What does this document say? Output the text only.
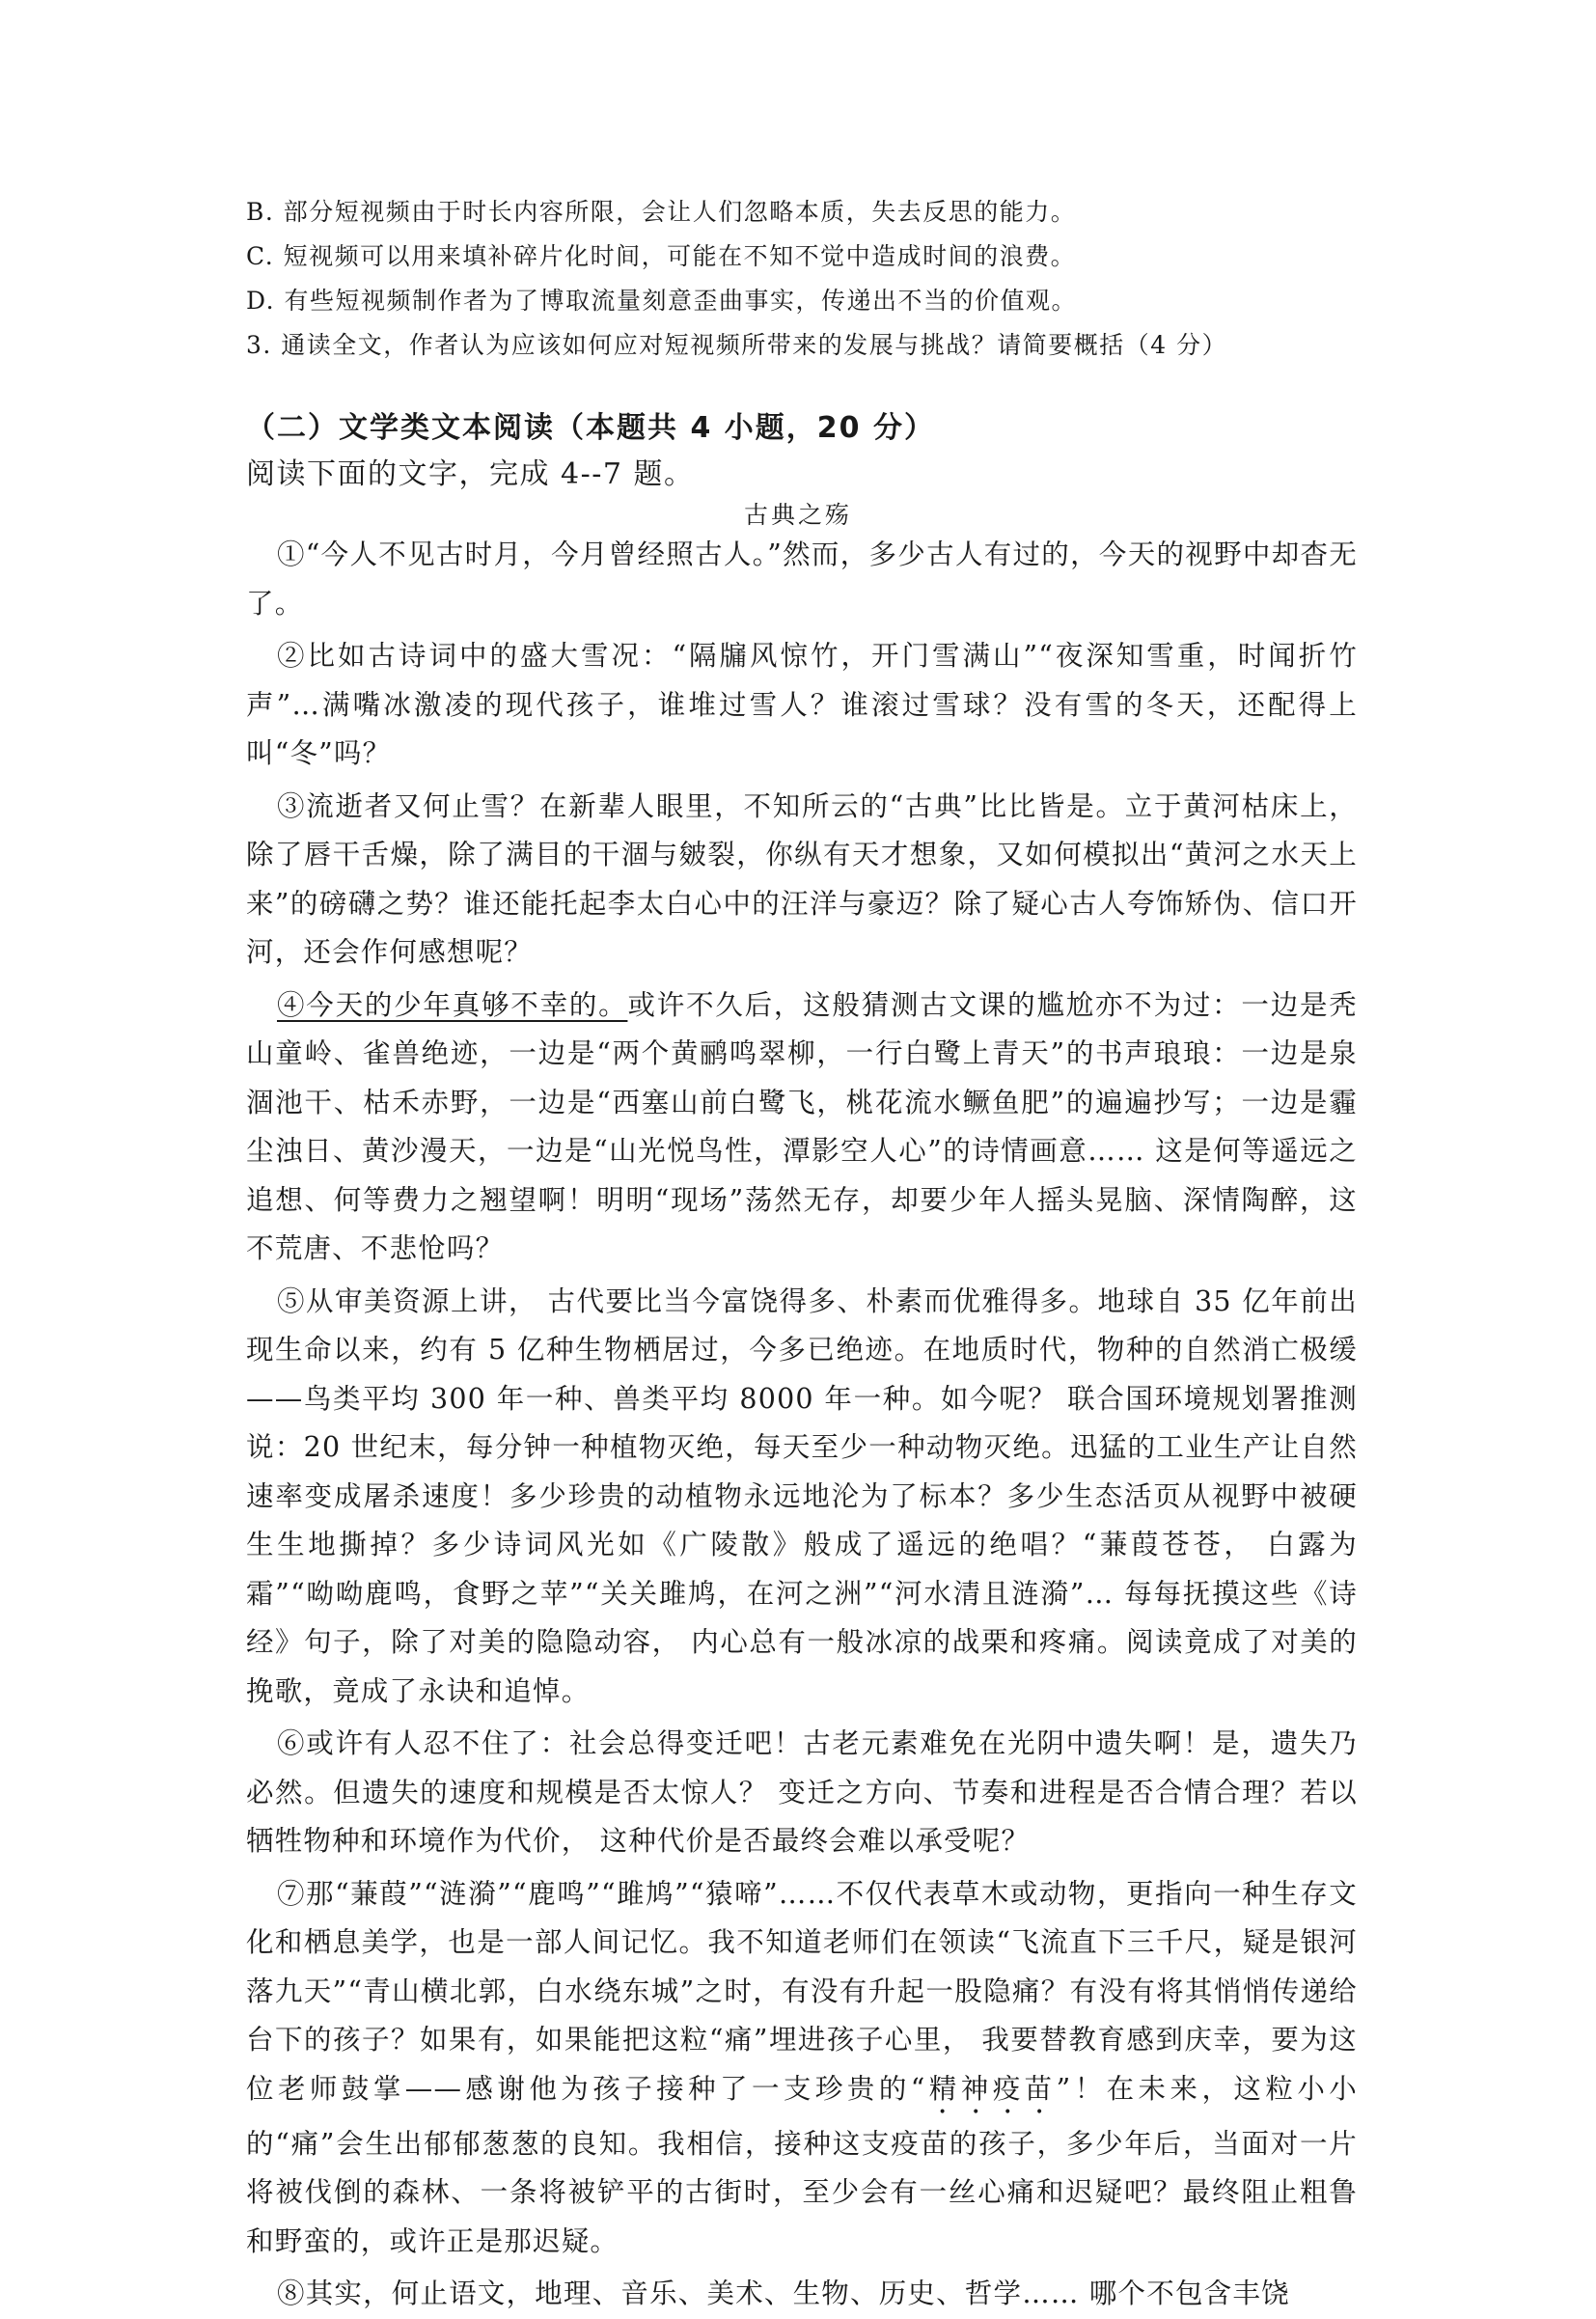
B. 部分短视频由于时长内容所限，会让人们忽略本质，失去反思的能力。
C. 短视频可以用来填补碎片化时间，可能在不知不觉中造成时间的浪费。
D. 有些短视频制作者为了博取流量刻意歪曲事实，传递出不当的价值观。
3. 通读全文，作者认为应该如何应对短视频所带来的发展与挑战？请简要概括（4 分）
（二）文学类文本阅读（本题共 4 小题，20 分）
阅读下面的文字，完成 4--7 题。
古典之殇

①“今人不见古时月，今月曾经照古人。”然而，多少古人有过的，今天的视野中却杳无了。

②比如古诗词中的盛大雪况：“隔牖风惊竹，开门雪满山”“夜深知雪重，时闻折竹声”…满嘴冰激凌的现代孩子，谁堆过雪人？谁滚过雪球？没有雪的冬天，还配得上叫“冬”吗？

③流逝者又何止雪？在新辈人眼里，不知所云的“古典”比比皆是。立于黄河枯床上，除了唇干舌燥，除了满目的干涸与皴裂，你纵有天才想象，又如何模拟出“黄河之水天上来”的磅礴之势？谁还能托起李太白心中的汪洋与豪迈？除了疑心古人夸饰矫伪、信口开河，还会作何感想呢？

④今天的少年真够不幸的。或许不久后，这般猜测古文课的尴尬亦不为过：一边是秃山童岭、雀兽绝迹，一边是“两个黄鹂鸣翠柳，一行白鹭上青天”的书声琅琅：一边是泉涸池干、枯禾赤野，一边是“西塞山前白鹭飞，桃花流水鳜鱼肥”的遍遍抄写；一边是霾尘浊日、黄沙漫天，一边是“山光悦鸟性，潭影空人心”的诗情画意…… 这是何等遥远之追想、何等费力之翘望啊！明明“现场”荡然无存，却要少年人摇头晃脑、深情陶醉，这不荒唐、不悲怆吗？

⑤从审美资源上讲， 古代要比当今富饶得多、朴素而优雅得多。地球自 35 亿年前出现生命以来，约有 5 亿种生物栖居过，今多已绝迹。在地质时代，物种的自然消亡极缓——鸟类平均 300 年一种、兽类平均 8000 年一种。如今呢？ 联合国环境规划署推测说：20 世纪末，每分钟一种植物灭绝，每天至少一种动物灭绝。迅猛的工业生产让自然速率变成屠杀速度！多少珍贵的动植物永远地沦为了标本？多少生态活页从视野中被硬生生地撕掉？多少诗词风光如《广陵散》般成了遥远的绝唱？“蒹葭苍苍， 白露为霜”“呦呦鹿鸣，食野之苹”“关关雎鸠，在河之洲”“河水清且涟漪”… 每每抚摸这些《诗经》句子，除了对美的隐隐动容， 内心总有一般冰凉的战栗和疼痛。阅读竟成了对美的挽歌，竟成了永诀和追悼。

⑥或许有人忍不住了：社会总得变迁吧！古老元素难免在光阴中遗失啊！是，遗失乃必然。但遗失的速度和规模是否太惊人？ 变迁之方向、节奏和进程是否合情合理？若以牺牲物种和环境作为代价， 这种代价是否最终会难以承受呢？

⑦那“蒹葭”“涟漪”“鹿鸣”“雎鸠”“猿啼”……不仅代表草木或动物，更指向一种生存文化和栖息美学，也是一部人间记忆。我不知道老师们在领读“飞流直下三千尺，疑是银河落九天”“青山横北郭，白水绕东城”之时，有没有升起一股隐痛？有没有将其悄悄传递给台下的孩子？如果有，如果能把这粒“痛”埋进孩子心里， 我要替教育感到庆幸，要为这位老师鼓掌——感谢他为孩子接种了一支珍贵的“精神疫苗”！在未来，这粒小小的“痛”会生出郁郁葱葱的良知。我相信，接种这支疫苗的孩子，多少年后，当面对一片将被伐倒的森林、一条将被铲平的古街时，至少会有一丝心痛和迟疑吧？最终阻止粗鲁和野蛮的，或许正是那迟疑。

⑧其实，何止语文，地理、音乐、美术、生物、历史、哲学…… 哪个不包含丰饶
